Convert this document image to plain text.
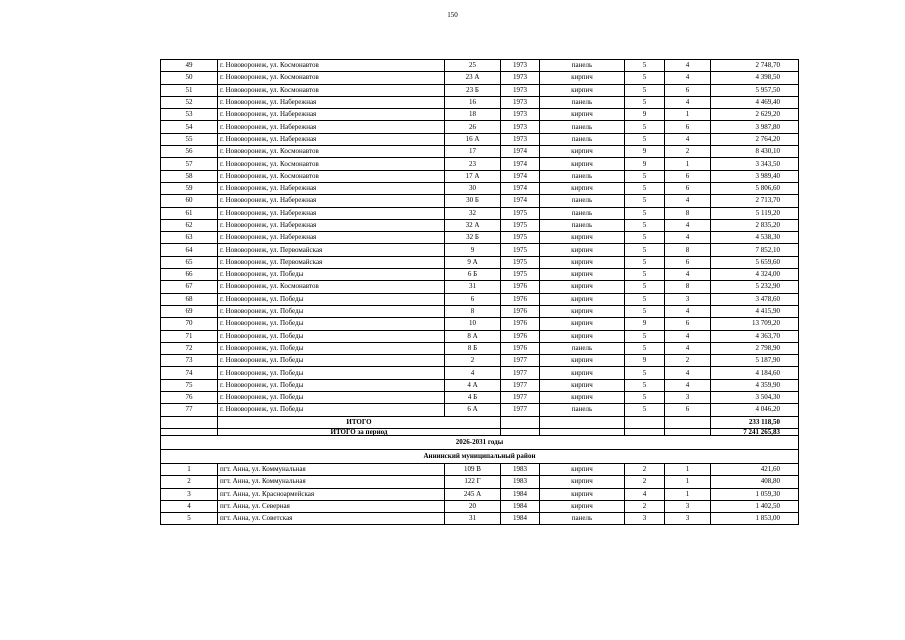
150
49	г. Нововоронеж, ул. Космонавтов	25	1973	панель	5	4	2 748,70
50	г. Нововоронеж, ул. Космонавтов	23 А	1973	кирпич	5	4	4 398,50
51	г. Нововоронеж, ул. Космонавтов	23 Б	1973	кирпич	5	6	5 957,50
52	г. Нововоронеж, ул. Набережная	16	1973	панель	5	4	4 469,40
53	г. Нововоронеж, ул. Набережная	18	1973	кирпич	9	1	2 629,20
54	г. Нововоронеж, ул. Набережная	26	1973	панель	5	6	3 987,80
55	г. Нововоронеж, ул. Набережная	16 А	1973	панель	5	4	2 764,20
56	г. Нововоронеж, ул. Космонавтов	17	1974	кирпич	9	2	8 430,10
57	г. Нововоронеж, ул. Космонавтов	23	1974	кирпич	9	1	3 343,50
58	г. Нововоронеж, ул. Космонавтов	17 А	1974	панель	5	6	3 989,40
59	г. Нововоронеж, ул. Набережная	30	1974	кирпич	5	6	5 806,60
60	г. Нововоронеж, ул. Набережная	30 Б	1974	панель	5	4	2 713,70
61	г. Нововоронеж, ул. Набережная	32	1975	панель	5	8	5 119,20
62	г. Нововоронеж, ул. Набережная	32 А	1975	панель	5	4	2 835,20
63	г. Нововоронеж, ул. Набережная	32 Б	1975	кирпич	5	4	4 538,30
64	г. Нововоронеж, ул. Первомайская	9	1975	кирпич	5	8	7 852,10
65	г. Нововоронеж, ул. Первомайская	9 А	1975	кирпич	5	6	5 659,60
66	г. Нововоронеж, ул. Победы	6 Б	1975	кирпич	5	4	4 324,00
67	г. Нововоронеж, ул. Космонавтов	31	1976	кирпич	5	8	5 232,90
68	г. Нововоронеж, ул. Победы	6	1976	кирпич	5	3	3 478,60
69	г. Нововоронеж, ул. Победы	8	1976	кирпич	5	4	4 415,90
70	г. Нововоронеж, ул. Победы	10	1976	кирпич	9	6	13 709,20
71	г. Нововоронеж, ул. Победы	8 А	1976	кирпич	5	4	4 363,70
72	г. Нововоронеж, ул. Победы	8 Б	1976	панель	5	4	2 798,90
73	г. Нововоронеж, ул. Победы	2	1977	кирпич	9	2	5 187,90
74	г. Нововоронеж, ул. Победы	4	1977	кирпич	5	4	4 184,60
75	г. Нововоронеж, ул. Победы	4 А	1977	кирпич	5	4	4 359,90
76	г. Нововоронеж, ул. Победы	4 Б	1977	кирпич	5	3	3 504,30
77	г. Нововоронеж, ул. Победы	6 А	1977	панель	5	6	4 046,20
	ИТОГО						233 118,50
	ИТОГО за период						7 241 265,83
2026-2031 годы							
Аннинский муниципальный район							
1	пгт. Анна, ул. Коммунальная	109 В	1983	кирпич	2	1	421,60
2	пгт. Анна, ул. Коммунальная	122 Г	1983	кирпич	2	1	408,80
3	пгт. Анна, ул. Красноармейская	245 А	1984	кирпич	4	1	1 059,30
4	пгт. Анна, ул. Северная	20	1984	кирпич	2	3	1 402,50
5	пгт. Анна, ул. Советская	31	1984	панель	3	3	1 853,00
